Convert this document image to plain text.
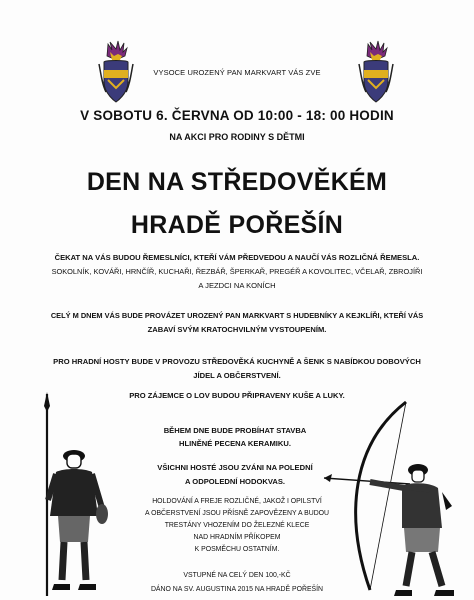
VYSOCE UROZENÝ PAN MARKVART VÁS ZVE
V SOBOTU 6. ČERVNA OD 10:00 - 18: 00 HODIN
NA AKCI PRO RODINY S DĚTMI
DEN NA STŘEDOVĚKÉM
HRADĚ POŘEŠÍN
ČEKAT NA VÁS BUDOU ŘEMESLNÍCI, KTEŘÍ VÁM PŘEDVEDOU A NAUČÍ VÁS ROZLIČNÁ ŘEMESLA.
SOKOLNÍK, KOVÁŘI, HRNČÍŘ, KUCHAŘI, ŘEZBÁŘ, ŠPERKAŘ, PREGÉŘ A KOVOLITEC, VČELAŘ, ZBROJÍŘI
A JEZDCI NA KONÍCH
CELÝ M DNEM VÁS BUDE PROVÁZET UROZENÝ PAN MARKVART S HUDEBNÍKY A KEJKLÍŘI, KTEŘÍ VÁS
ZABAVÍ SVÝM KRATOCHVILNÝM VYSTOUPENÍM.
PRO HRADNÍ HOSTY BUDE V PROVOZU STŘEDOVĚKÁ KUCHYNĚ A ŠENK S NABÍDKOU DOBOVÝCH
JÍDEL A OBČERSTVENÍ.
PRO ZÁJEMCE O LOV BUDOU PŘIPRAVENY KUŠE A LUKY.
BĚHEM DNE BUDE PROBÍHAT STAVBA
HLINĚNÉ PECENA KERAMIKU.
VŠICHNI HOSTÉ JSOU ZVÁNI NA POLEDNÍ
A ODPOLEDNÍ HODOKVAS.
HOLDOVÁNÍ A FREJE ROZLIČNÉ, JAKOŽ I OPILSTVÍ
A OBČERSTVENÍ JSOU PŘÍSNĚ ZAPOVĚZENY A BUDOU
TRESTÁNY VHOZENÍM DO ŽELEZNÉ KLECE
NAD HRADNÍM PŘÍKOPEM
K POSMĚCHU OSTATNÍM.
VSTUPNÉ NA CELÝ DEN 100,-KČ
DÁNO NA SV. AUGUSTINA 2015 NA HRADĚ POŘEŠÍN
